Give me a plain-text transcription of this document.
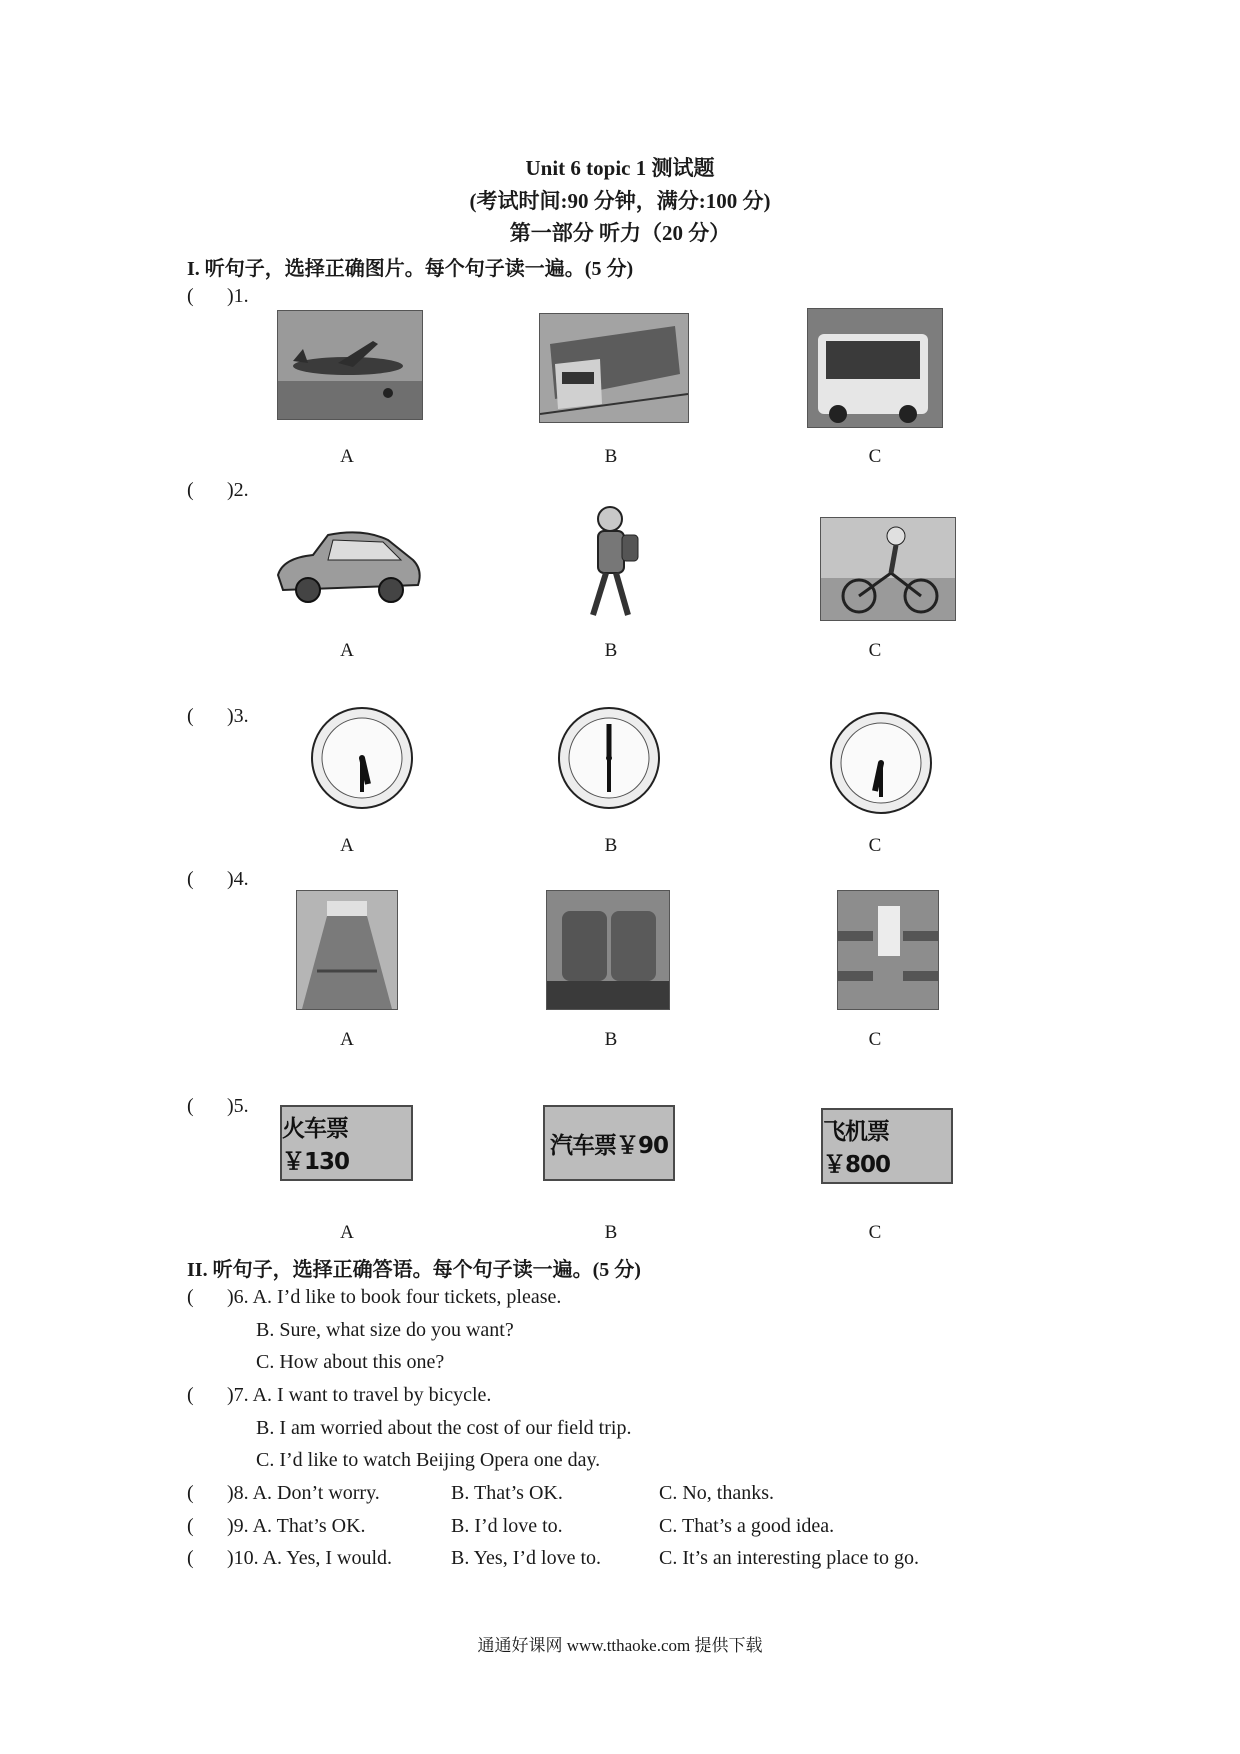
Unit 6 topic 1 测试题
(考试时间:90 分钟，满分:100 分)
第一部分 听力（20 分）
I. 听句子，选择正确图片。每个句子读一遍。(5 分)
( )1.
A	B	C
( )2.
A	B	C
( )3.
A	B	C
( )4.
A	B	C
( )5.
火车票￥130
汽车票￥90
飞机票￥800
A	B	C
II. 听句子，选择正确答语。每个句子读一遍。(5 分)
( )6. A. I’d like to book four tickets, please.
B. Sure, what size do you want?
C. How about this one?
( )7. A. I want to travel by bicycle.
B. I am worried about the cost of our field trip.
C. I’d like to watch Beijing Opera one day.
( )8. A. Don’t worry.	B. That’s OK.	C. No, thanks.
( )9. A. That’s OK.	B. I’d love to.	C. That’s a good idea.
( )10. A. Yes, I would.	B. Yes, I’d love to.	C. It’s an interesting place to go.
通通好课网 www.tthaoke.com 提供下载
